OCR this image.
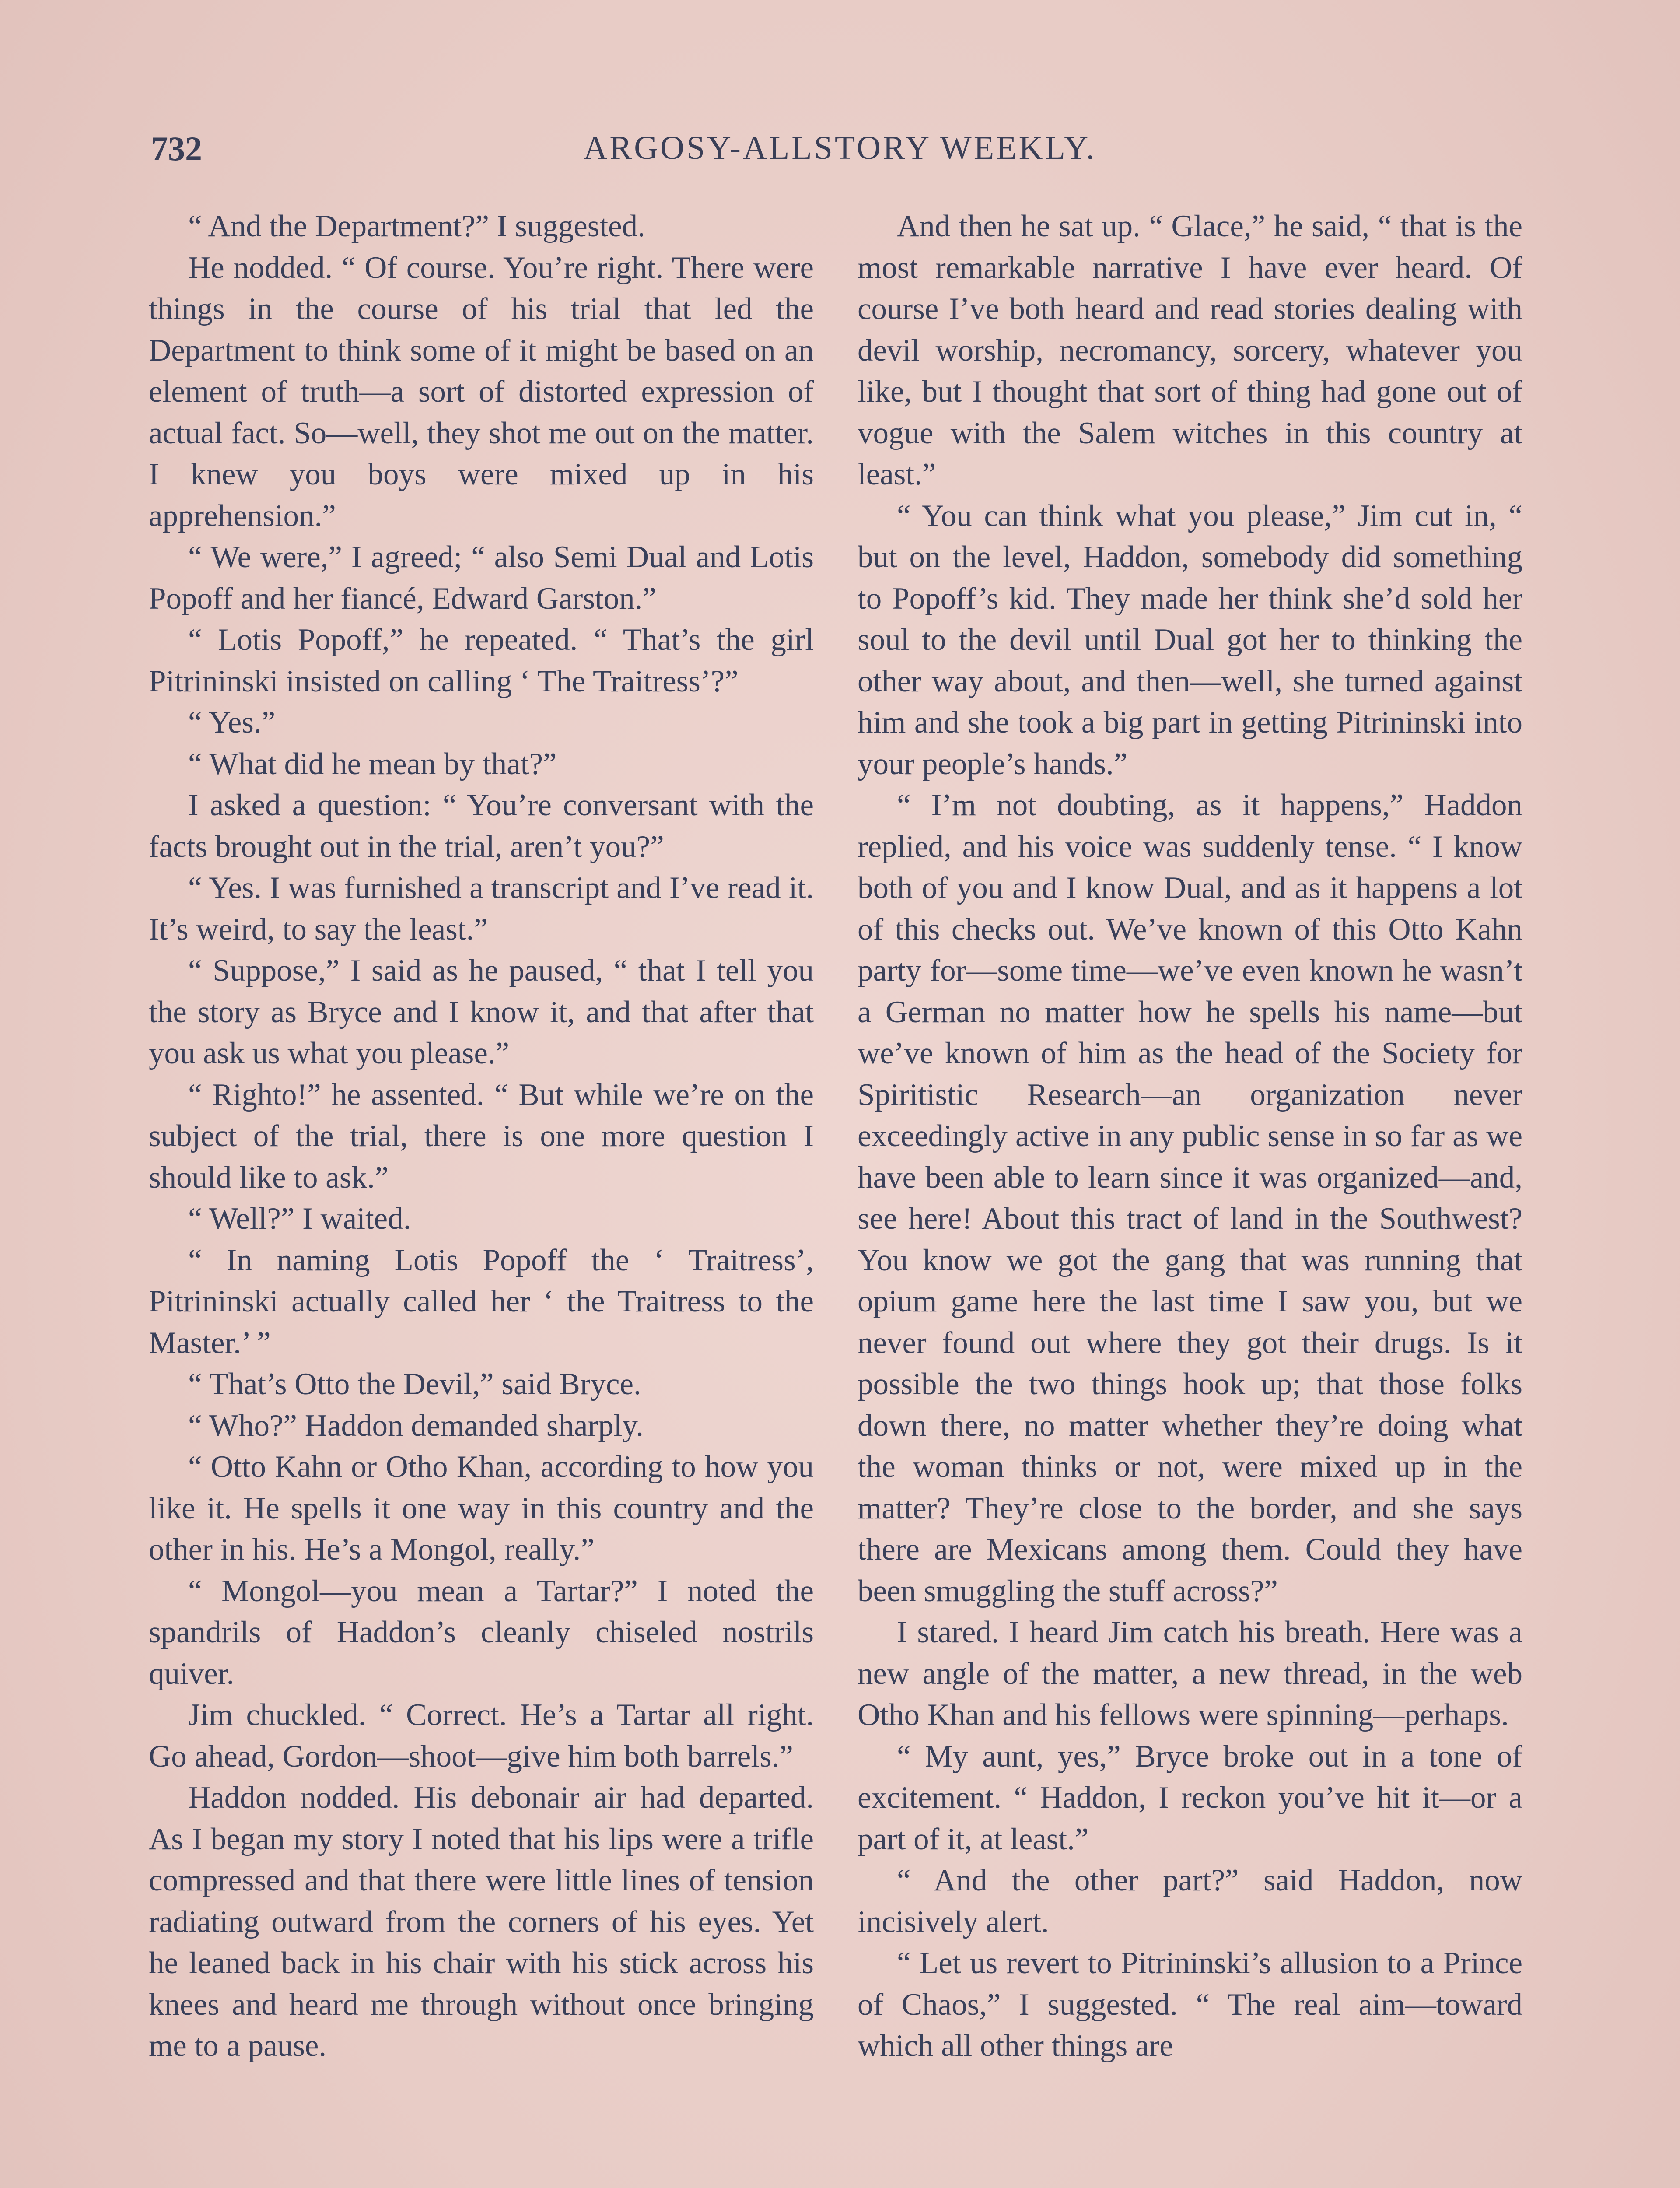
732	ARGOSY-ALLSTORY WEEKLY.

“ And the Department?” I suggested.

He nodded. “ Of course. You’re right. There were things in the course of his trial that led the Department to think some of it might be based on an element of truth—a sort of distorted expression of actual fact. So—well, they shot me out on the matter. I knew you boys were mixed up in his apprehension.”

“ We were,” I agreed; “ also Semi Dual and Lotis Popoff and her fiancé, Edward Garston.”

“ Lotis Popoff,” he repeated. “ That’s the girl Pitrininski insisted on calling ‘ The Traitress’?”

“ Yes.”

“ What did he mean by that?”

I asked a question: “ You’re conversant with the facts brought out in the trial, aren’t you?”

“ Yes. I was furnished a transcript and I’ve read it. It’s weird, to say the least.”

“ Suppose,” I said as he paused, “ that I tell you the story as Bryce and I know it, and that after that you ask us what you please.”

“ Righto!” he assented. “ But while we’re on the subject of the trial, there is one more question I should like to ask.”

“ Well?” I waited.

“ In naming Lotis Popoff the ‘ Traitress’, Pitrininski actually called her ‘ the Traitress to the Master.’ ”

“ That’s Otto the Devil,” said Bryce.

“ Who?” Haddon demanded sharply.

“ Otto Kahn or Otho Khan, according to how you like it. He spells it one way in this country and the other in his. He’s a Mongol, really.”

“ Mongol—you mean a Tartar?” I noted the spandrils of Haddon’s cleanly chiseled nostrils quiver.

Jim chuckled. “ Correct. He’s a Tartar all right. Go ahead, Gordon—shoot—give him both barrels.”

Haddon nodded. His debonair air had departed. As I began my story I noted that his lips were a trifle compressed and that there were little lines of tension radiating outward from the corners of his eyes. Yet he leaned back in his chair with his stick across his knees and heard me through without once bringing me to a pause.

And then he sat up. “ Glace,” he said, “ that is the most remarkable narrative I have ever heard. Of course I’ve both heard and read stories dealing with devil worship, necromancy, sorcery, whatever you like, but I thought that sort of thing had gone out of vogue with the Salem witches in this country at least.”

“ You can think what you please,” Jim cut in, “ but on the level, Haddon, somebody did something to Popoff’s kid. They made her think she’d sold her soul to the devil until Dual got her to thinking the other way about, and then—well, she turned against him and she took a big part in getting Pitrininski into your people’s hands.”

“ I’m not doubting, as it happens,” Haddon replied, and his voice was suddenly tense. “ I know both of you and I know Dual, and as it happens a lot of this checks out. We’ve known of this Otto Kahn party for—some time—we’ve even known he wasn’t a German no matter how he spells his name—but we’ve known of him as the head of the Society for Spiritistic Research—an organization never exceedingly active in any public sense in so far as we have been able to learn since it was organized—and, see here! About this tract of land in the Southwest? You know we got the gang that was running that opium game here the last time I saw you, but we never found out where they got their drugs. Is it possible the two things hook up; that those folks down there, no matter whether they’re doing what the woman thinks or not, were mixed up in the matter? They’re close to the border, and she says there are Mexicans among them. Could they have been smuggling the stuff across?”

I stared. I heard Jim catch his breath. Here was a new angle of the matter, a new thread, in the web Otho Khan and his fellows were spinning—perhaps.

“ My aunt, yes,” Bryce broke out in a tone of excitement. “ Haddon, I reckon you’ve hit it—or a part of it, at least.”

“ And the other part?” said Haddon, now incisively alert.

“ Let us revert to Pitrininski’s allusion to a Prince of Chaos,” I suggested. “ The real aim—toward which all other things are
